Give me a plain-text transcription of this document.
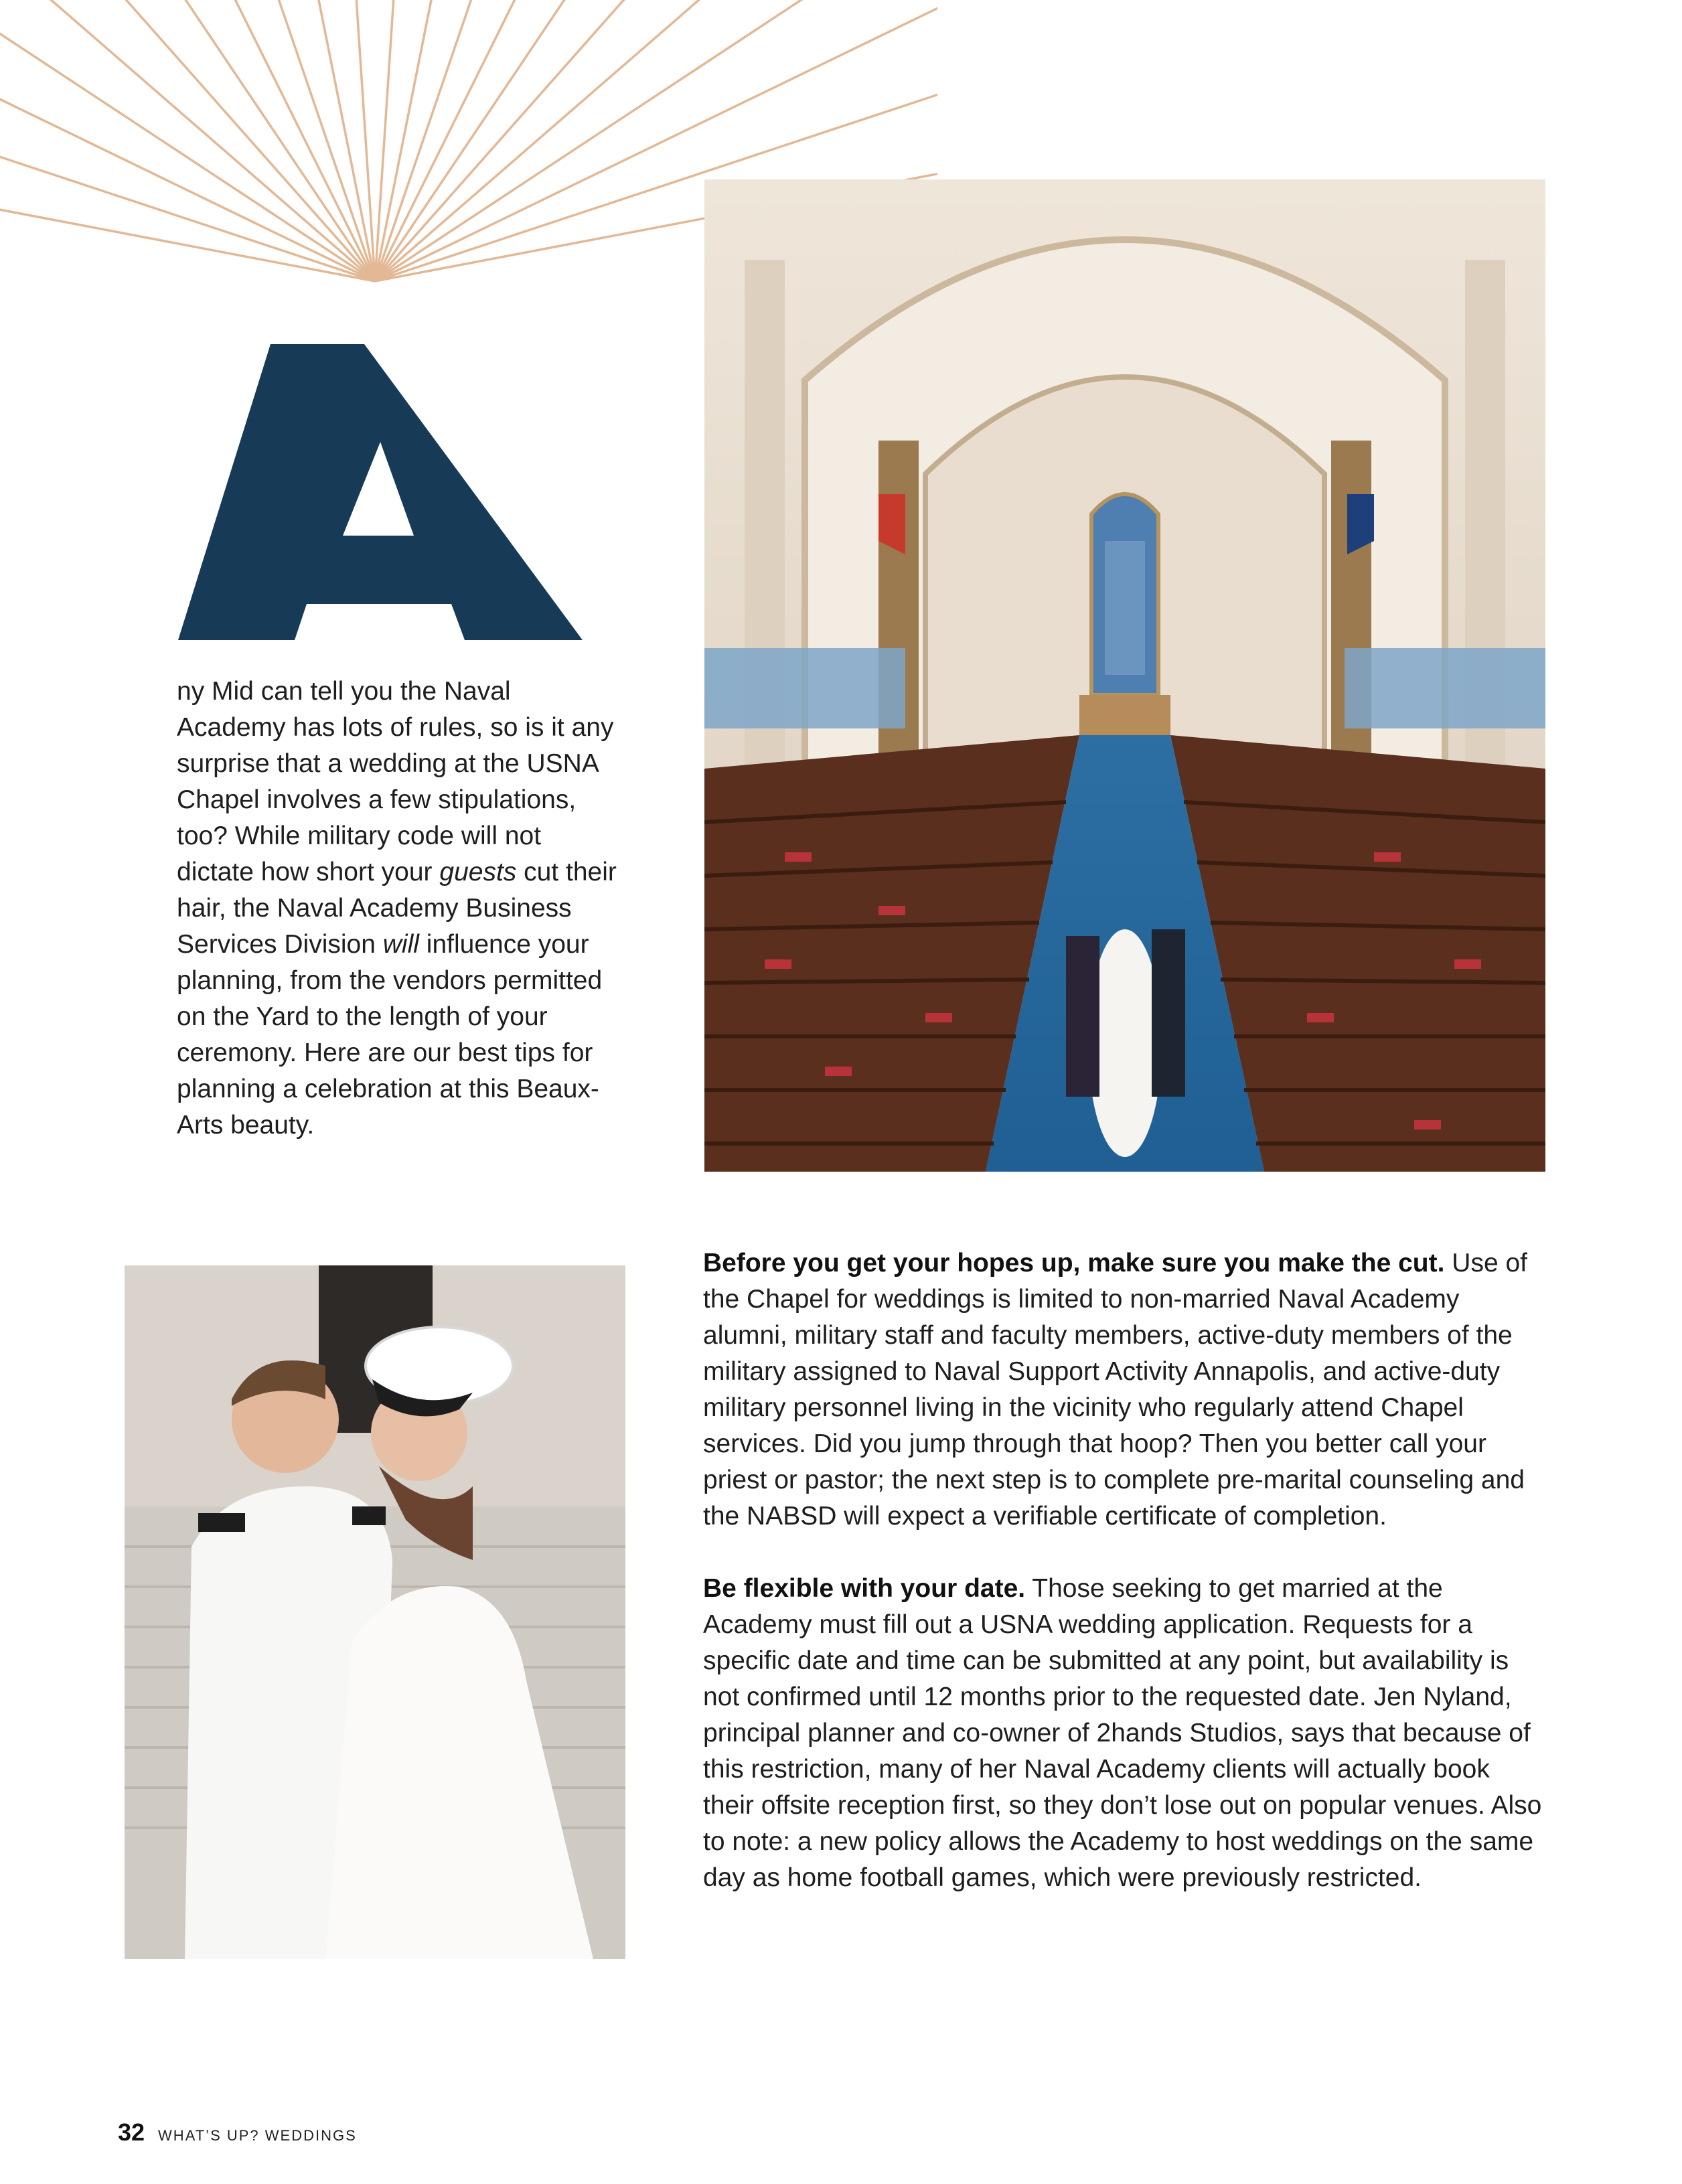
ny Mid can tell you the Naval Academy has lots of rules, so is it any surprise that a wedding at the USNA Chapel involves a few stipulations, too? While military code will not dictate how short your guests cut their hair, the Naval Academy Business Services Division will influence your planning, from the vendors permitted on the Yard to the length of your ceremony. Here are our best tips for planning a celebration at this Beaux-Arts beauty.

Before you get your hopes up, make sure you make the cut. Use of the Chapel for weddings is limited to non-married Naval Academy alumni, military staff and faculty members, active-duty members of the military assigned to Naval Support Activity Annapolis, and active-duty military personnel living in the vicinity who regularly attend Chapel services. Did you jump through that hoop? Then you better call your priest or pastor; the next step is to complete pre-marital counseling and the NABSD will expect a verifiable certificate of completion.

Be flexible with your date. Those seeking to get married at the Academy must fill out a USNA wedding application. Requests for a specific date and time can be submitted at any point, but availability is not confirmed until 12 months prior to the requested date. Jen Nyland, principal planner and co-owner of 2hands Studios, says that because of this restriction, many of her Naval Academy clients will actually book their offsite reception first, so they don’t lose out on popular venues. Also to note: a new policy allows the Academy to host weddings on the same day as home football games, which were previously restricted.

32 WHAT’S UP? WEDDINGS
